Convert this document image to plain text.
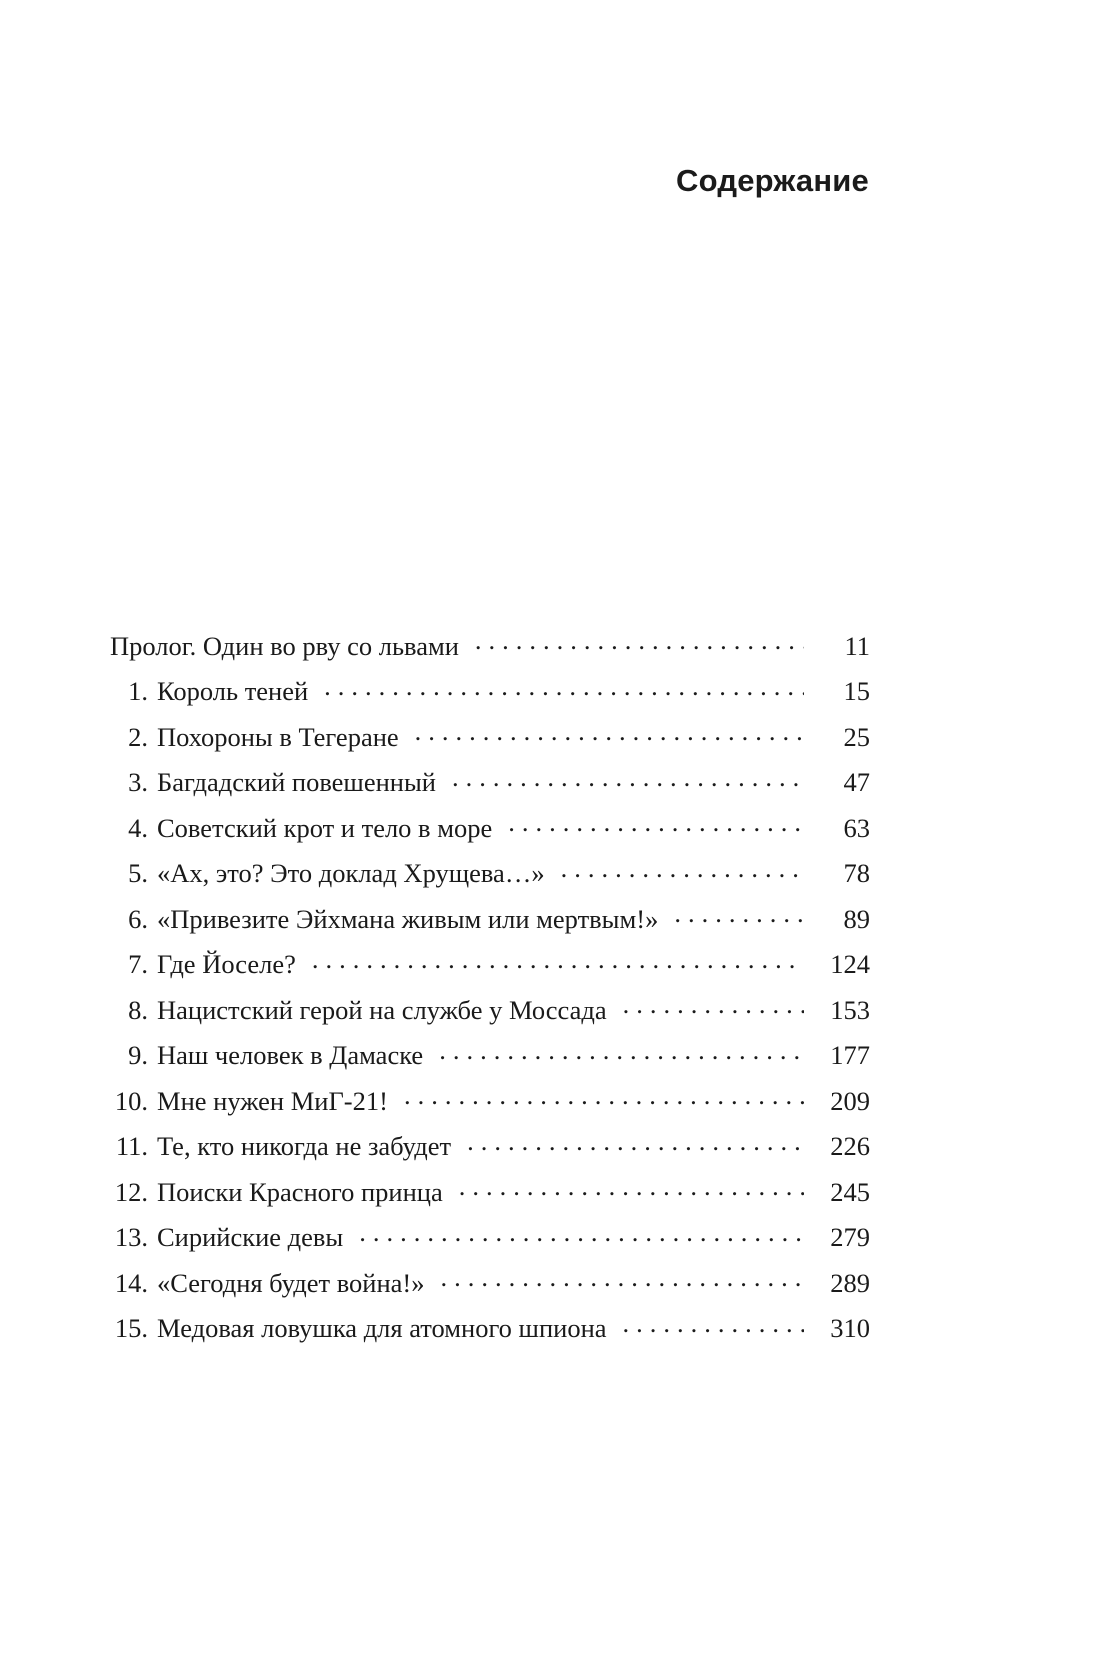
Содержание
Пролог. Один во рву со львами .....	11
1. Король теней .....	15
2. Похороны в Тегеране .....	25
3. Багдадский повешенный .....	47
4. Советский крот и тело в море .....	63
5. «Ах, это? Это доклад Хрущева…» .....	78
6. «Привезите Эйхмана живым или мертвым!» .....	89
7. Где Йоселе? .....	124
8. Нацистский герой на службе у Моссада .....	153
9. Наш человек в Дамаске .....	177
10. Мне нужен МиГ-21! .....	209
11. Те, кто никогда не забудет .....	226
12. Поиски Красного принца .....	245
13. Сирийские девы .....	279
14. «Сегодня будет война!» .....	289
15. Медовая ловушка для атомного шпиона .....	310
